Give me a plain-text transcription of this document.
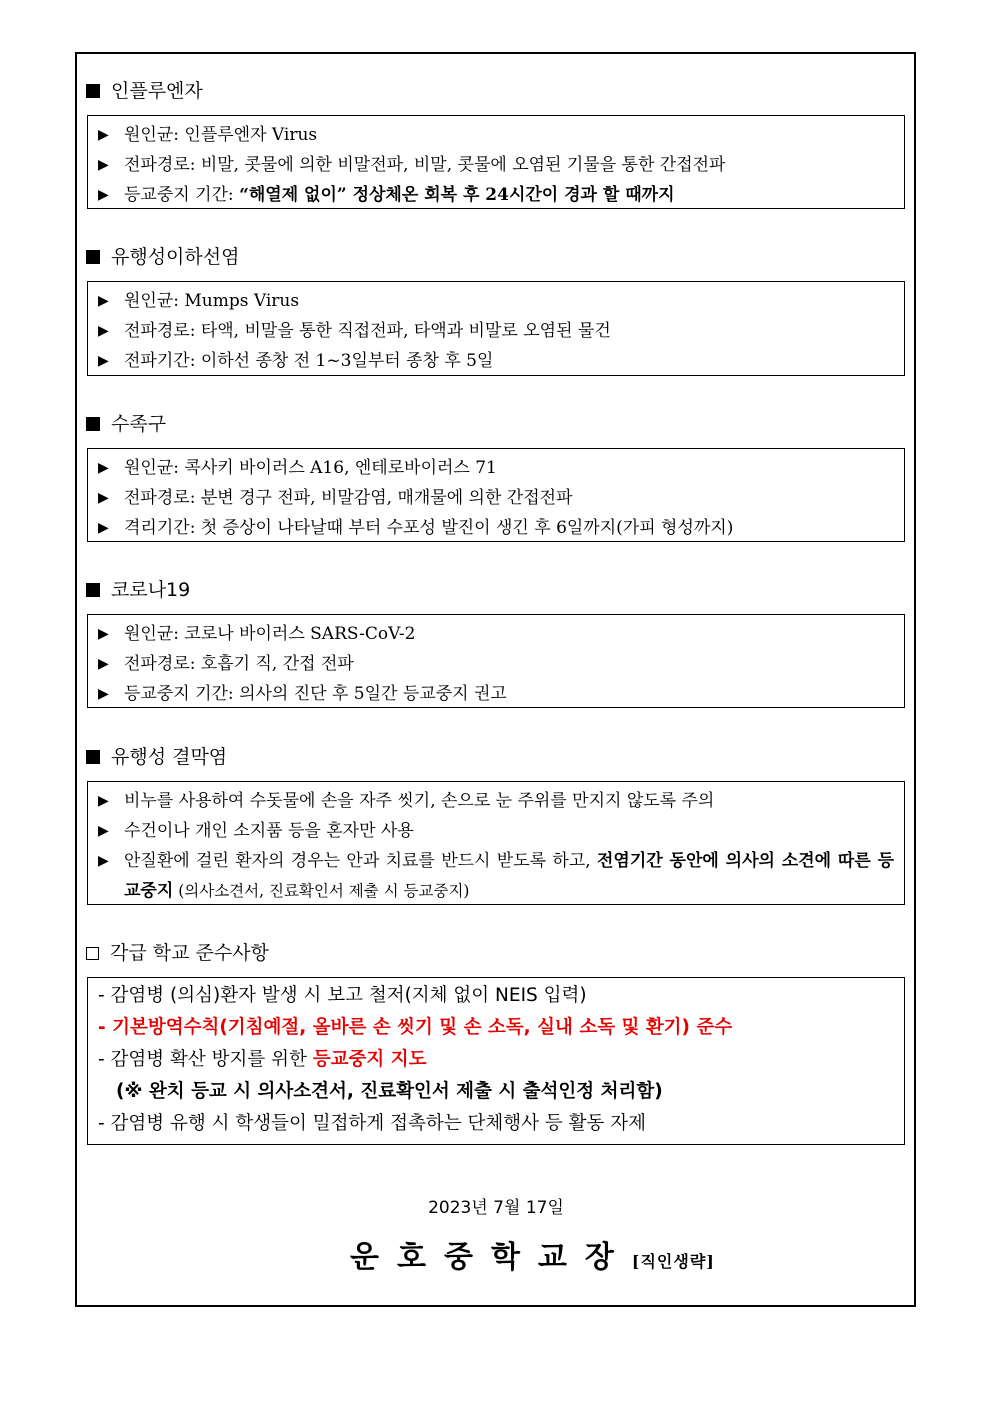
인플루엔자
▶ 원인균: 인플루엔자 Virus
▶ 전파경로: 비말, 콧물에 의한 비말전파, 비말, 콧물에 오염된 기물을 통한 간접전파
▶ 등교중지 기간: “해열제 없이” 정상체온 회복 후 24시간이 경과 할 때까지
유행성이하선염
▶ 원인균: Mumps Virus
▶ 전파경로: 타액, 비말을 통한 직접전파, 타액과 비말로 오염된 물건
▶ 전파기간: 이하선 종창 전 1~3일부터 종창 후 5일
수족구
▶ 원인균: 콕사키 바이러스 A16, 엔테로바이러스 71
▶ 전파경로: 분변 경구 전파, 비말감염, 매개물에 의한 간접전파
▶ 격리기간: 첫 증상이 나타날때 부터 수포성 발진이 생긴 후 6일까지(가피 형성까지)
코로나19
▶ 원인균: 코로나 바이러스 SARS-CoV-2
▶ 전파경로: 호흡기 직, 간접 전파
▶ 등교중지 기간: 의사의 진단 후 5일간 등교중지 권고
유행성 결막염
▶ 비누를 사용하여 수돗물에 손을 자주 씻기, 손으로 눈 주위를 만지지 않도록 주의
▶ 수건이나 개인 소지품 등을 혼자만 사용
▶ 안질환에 걸린 환자의 경우는 안과 치료를 반드시 받도록 하고, 전염기간 동안에 의사의 소견에 따른 등교중지 (의사소견서, 진료확인서 제출 시 등교중지)
각급 학교 준수사항
- 감염병 (의심)환자 발생 시 보고 철저(지체 없이 NEIS 입력)
- 기본방역수칙(기침예절, 올바른 손 씻기 및 손 소독, 실내 소독 및 환기) 준수
- 감염병 확산 방지를 위한 등교중지 지도
(※ 완치 등교 시 의사소견서, 진료확인서 제출 시 출석인정 처리함)
- 감염병 유행 시 학생들이 밀접하게 접촉하는 단체행사 등 활동 자제
2023년 7월 17일
운호중학교장[직인생략]
